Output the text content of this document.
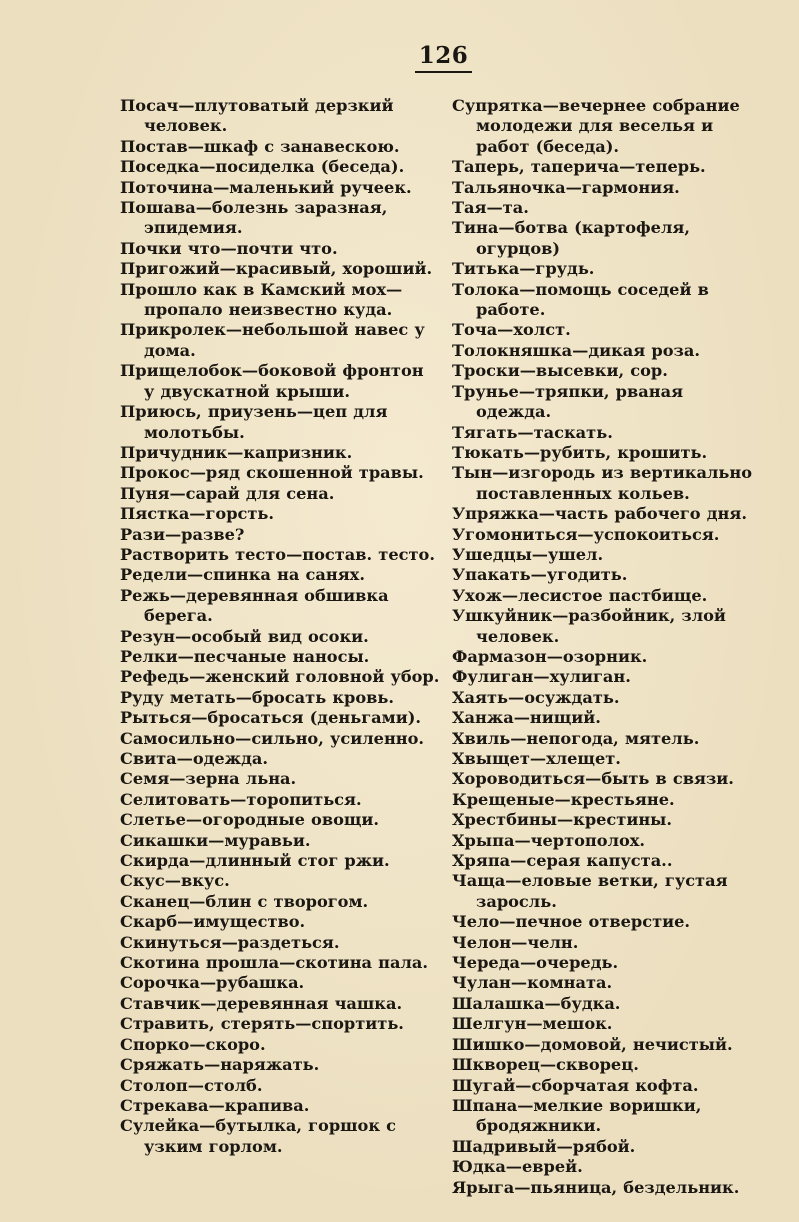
126

Посач—плутоватый дерзкий человек.

Постав—шкаф с занавескою.

Поседка—посиделка (беседа).

Поточина—маленький ручеек.

Пошава—болезнь заразная, эпидемия.

Почки что—почти что.

Пригожий—красивый, хороший.

Прошло как в Камский мох—пропало неизвестно куда.

Прикролек—небольшой навес у дома.

Прищелобок—боковой фронтон у двускатной крыши.

Приюсь, приузень—цеп для молотьбы.

Причудник—капризник.

Прокос—ряд скошенной травы.

Пуня—сарай для сена.

Пястка—горсть.

Рази—разве?

Растворить тесто—постав. тесто.

Редели—спинка на санях.

Режь—деревянная обшивка берега.

Резун—особый вид осоки.

Релки—песчаные наносы.

Рефедь—женский головной убор.

Руду метать—бросать кровь.

Рыться—бросаться (деньгами).

Самосильно—сильно, усиленно.

Свита—одежда.

Семя—зерна льна.

Селитовать—торопиться.

Слетье—огородные овощи.

Сикашки—муравьи.

Скирда—длинный стог ржи.

Скус—вкус.

Сканец—блин с творогом.

Скарб—имущество.

Скинуться—раздеться.

Скотина прошла—скотина пала.

Сорочка—рубашка.

Ставчик—деревянная чашка.

Стравить, стерять—спортить.

Спорко—скоро.

Сряжать—наряжать.

Столоп—столб.

Стрекава—крапива.

Сулейка—бутылка, горшок с узким горлом.

Супрятка—вечернее собрание молодежи для веселья и работ (беседа).

Таперь, таперича—теперь.

Тальяночка—гармония.

Тая—та.

Тина—ботва (картофеля, огурцов)

Титька—грудь.

Толока—помощь соседей в работе.

Точа—холст.

Толокняшка—дикая роза.

Троски—высевки, сор.

Трунье—тряпки, рваная одежда.

Тягать—таскать.

Тюкать—рубить, крошить.

Тын—изгородь из вертикально поставленных кольев.

Упряжка—часть рабочего дня.

Угомониться—успокоиться.

Ушедцы—ушел.

Упакать—угодить.

Ухож—лесистое пастбище.

Ушкуйник—разбойник, злой человек.

Фармазон—озорник.

Фулиган—хулиган.

Хаять—осуждать.

Ханжа—нищий.

Хвиль—непогода, мятель.

Хвыщет—хлещет.

Хороводиться—быть в связи.

Крещеные—крестьяне.

Хрестбины—крестины.

Хрыпа—чертополох.

Хряпа—серая капуста..

Чаща—еловые ветки, густая заросль.

Чело—печное отверстие.

Челон—челн.

Череда—очередь.

Чулан—комната.

Шалашка—будка.

Шелгун—мешок.

Шишко—домовой, нечистый.

Шкворец—скворец.

Шугай—сборчатая кофта.

Шпана—мелкие воришки, бродяжники.

Шадривый—рябой.

Юдка—еврей.

Ярыга—пьяница, бездельник.
